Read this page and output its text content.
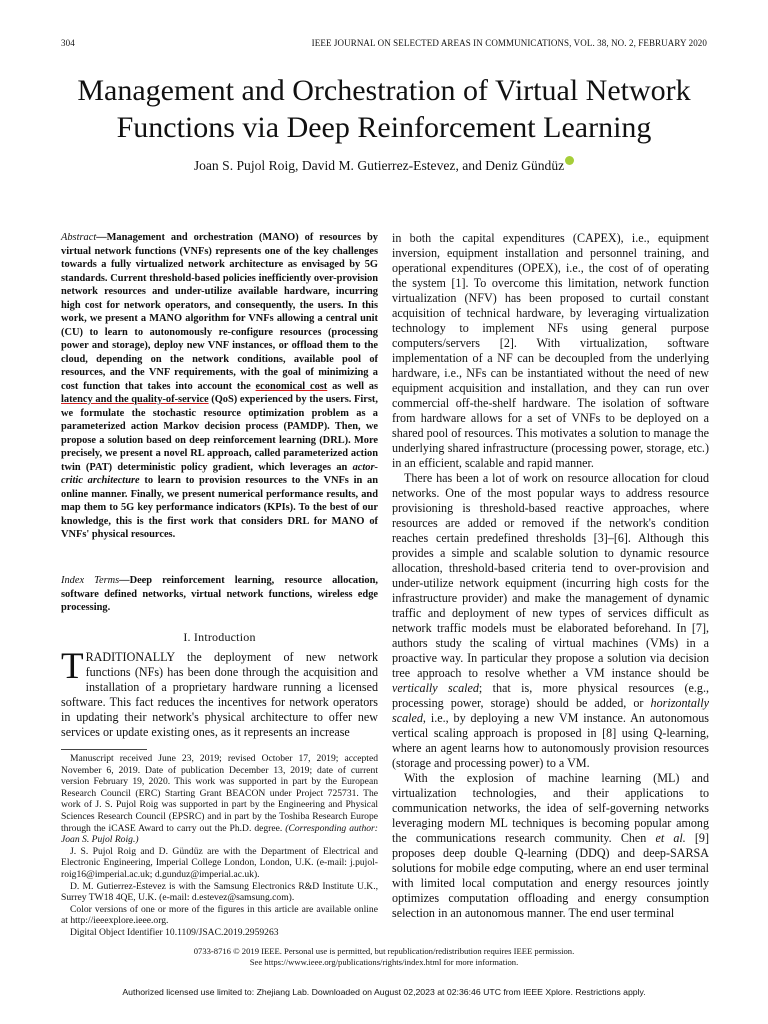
304	IEEE JOURNAL ON SELECTED AREAS IN COMMUNICATIONS, VOL. 38, NO. 2, FEBRUARY 2020
Management and Orchestration of Virtual Network
Functions via Deep Reinforcement Learning
Joan S. Pujol Roig, David M. Gutierrez-Estevez, and Deniz Gündüz

Abstract—Management and orchestration (MANO) of resources by virtual network functions (VNFs) represents one of the key challenges towards a fully virtualized network architecture as envisaged by 5G standards. Current threshold-based policies inefficiently over-provision network resources and under-utilize available hardware, incurring high cost for network operators, and consequently, the users. In this work, we present a MANO algorithm for VNFs allowing a central unit (CU) to learn to autonomously re-configure resources (processing power and storage), deploy new VNF instances, or offload them to the cloud, depending on the network conditions, available pool of resources, and the VNF requirements, with the goal of minimizing a cost function that takes into account the economical cost as well as latency and the quality-of-service (QoS) experienced by the users. First, we formulate the stochastic resource optimization problem as a parameterized action Markov decision process (PAMDP). Then, we propose a solution based on deep reinforcement learning (DRL). More precisely, we present a novel RL approach, called parameterized action twin (PAT) deterministic policy gradient, which leverages an actor-critic architecture to learn to provision resources to the VNFs in an online manner. Finally, we present numerical performance results, and map them to 5G key performance indicators (KPIs). To the best of our knowledge, this is the first work that considers DRL for MANO of VNFs' physical resources.

Index Terms—Deep reinforcement learning, resource allocation, software defined networks, virtual network functions, wireless edge processing.

I. Introduction

TRADITIONALLY the deployment of new network functions (NFs) has been done through the acquisition and installation of a proprietary hardware running a licensed software. This fact reduces the incentives for network operators in updating their network's physical architecture to offer new services or update existing ones, as it represents an increase

Manuscript received June 23, 2019; revised October 17, 2019; accepted November 6, 2019. Date of publication December 13, 2019; date of current version February 19, 2020. This work was supported in part by the European Research Council (ERC) Starting Grant BEACON under Project 725731. The work of J. S. Pujol Roig was supported in part by the Engineering and Physical Sciences Research Council (EPSRC) and in part by the Toshiba Research Europe through the iCASE Award to carry out the Ph.D. degree. (Corresponding author: Joan S. Pujol Roig.)

J. S. Pujol Roig and D. Gündüz are with the Department of Electrical and Electronic Engineering, Imperial College London, London, U.K. (e-mail: j.pujol-roig16@imperial.ac.uk; d.gunduz@imperial.ac.uk).

D. M. Gutierrez-Estevez is with the Samsung Electronics R&D Institute U.K., Surrey TW18 4QE, U.K. (e-mail: d.estevez@samsung.com).

Color versions of one or more of the figures in this article are available online at http://ieeexplore.ieee.org.

Digital Object Identifier 10.1109/JSAC.2019.2959263

in both the capital expenditures (CAPEX), i.e., equipment inversion, equipment installation and personnel training, and operational expenditures (OPEX), i.e., the cost of of operating the system [1]. To overcome this limitation, network function virtualization (NFV) has been proposed to curtail constant acquisition of technical hardware, by leveraging virtualization technology to implement NFs using general purpose computers/servers [2]. With virtualization, software implementation of a NF can be decoupled from the underlying hardware, i.e., NFs can be instantiated without the need of new equipment acquisition and installation, and they can run over commercial off-the-shelf hardware. The isolation of software from hardware allows for a set of VNFs to be deployed on a shared pool of resources. This motivates a solution to manage the underlying shared infrastructure (processing power, storage, etc.) in an efficient, scalable and rapid manner.

There has been a lot of work on resource allocation for cloud networks. One of the most popular ways to address resource provisioning is threshold-based reactive approaches, where resources are added or removed if the network's condition reaches certain predefined thresholds [3]–[6]. Although this provides a simple and scalable solution to dynamic resource allocation, threshold-based criteria tend to over-provision and under-utilize network equipment (incurring high costs for the infrastructure provider) and make the management of dynamic traffic and deployment of new types of services difficult as network traffic models must be elaborated beforehand. In [7], authors study the scaling of virtual machines (VMs) in a proactive way. In particular they propose a solution via decision tree approach to resolve whether a VM instance should be vertically scaled; that is, more physical resources (e.g., processing power, storage) should be added, or horizontally scaled, i.e., by deploying a new VM instance. An autonomous vertical scaling approach is proposed in [8] using Q-learning, where an agent learns how to autonomously provision resources (storage and processing power) to a VM.

With the explosion of machine learning (ML) and virtualization technologies, and their applications to communication networks, the idea of self-governing networks leveraging modern ML techniques is becoming popular among the communications research community. Chen et al. [9] proposes deep double Q-learning (DDQ) and deep-SARSA solutions for mobile edge computing, where an end user terminal with limited local computation and energy resources jointly optimizes computation offloading and energy consumption selection in an autonomous manner. The end user terminal

0733-8716 © 2019 IEEE. Personal use is permitted, but republication/redistribution requires IEEE permission.
See https://www.ieee.org/publications/rights/index.html for more information.
Authorized licensed use limited to: Zhejiang Lab. Downloaded on August 02,2023 at 02:36:46 UTC from IEEE Xplore. Restrictions apply.
